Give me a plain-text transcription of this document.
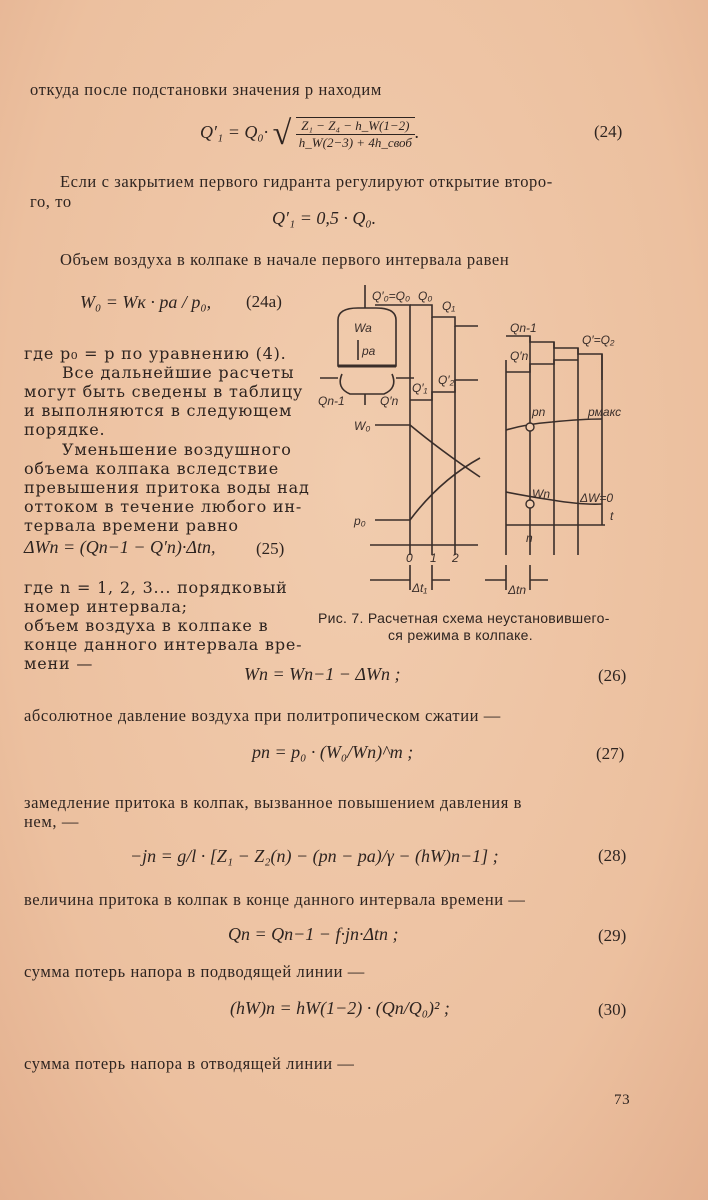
откуда после подстановки значения p находим
Q′₁ = Q₀· √ $\frac{\text{Z₁ − Z₄ − h\_W(1−2)}}{\text{h\_W(2−3) + 4h\_своб}}$ .	(24)
Если с закрытием первого гидранта регулируют открытие второ-
го, то
Q′₁ = 0,5 · Q₀.
Объем воздуха в колпаке в начале первого интервала равен
W₀ = Wк · pa / p₀, (24a)
где p₀ = p по уравнению (4).
Все дальнейшие расчеты
могут быть сведены в таблицу
и выполняются в следующем
порядке.
Уменьшение воздушного
объема колпака вследствие
превышения притока воды над
оттоком в течение любого ин-
тервала времени равно
ΔWn = (Qn−1 − Q′n)·Δtn, (25)
где n = 1, 2, 3... порядковый
номер интервала;
объем воздуха в колпаке в
конце данного интервала вре-
мени —
Q′₀=Q₀ Q₀
Q₁
Q′₁
Q′₂
Wa
pa
Qn-1	Q′n
W₀
p₀
0 1 2
Δt₁
Qn-1
Q′n
Q′=Q₂
pn	pмакс
Wn	ΔW=0
t
n
Δtn
Рис. 7. Расчетная схема неустановившего-
ся режима в колпаке.
Wn = Wn−1 − ΔWn ;	(26)
абсолютное давление воздуха при политропическом сжатии —
pn = p₀ · (W₀/Wn)^m ;	(27)
замедление притока в колпак, вызванное повышением давления в
нем, —
−jn = g/l · [Z₁ − Z₂(n) − (pn − pa)/γ − (hW)n−1] ;	(28)
величина притока в колпак в конце данного интервала времени —
Qn = Qn−1 − f·jn·Δtn ;	(29)
сумма потерь напора в подводящей линии —
(hW)n = hW(1−2) · (Qn/Q₀)² ;	(30)
сумма потерь напора в отводящей линии —
73
